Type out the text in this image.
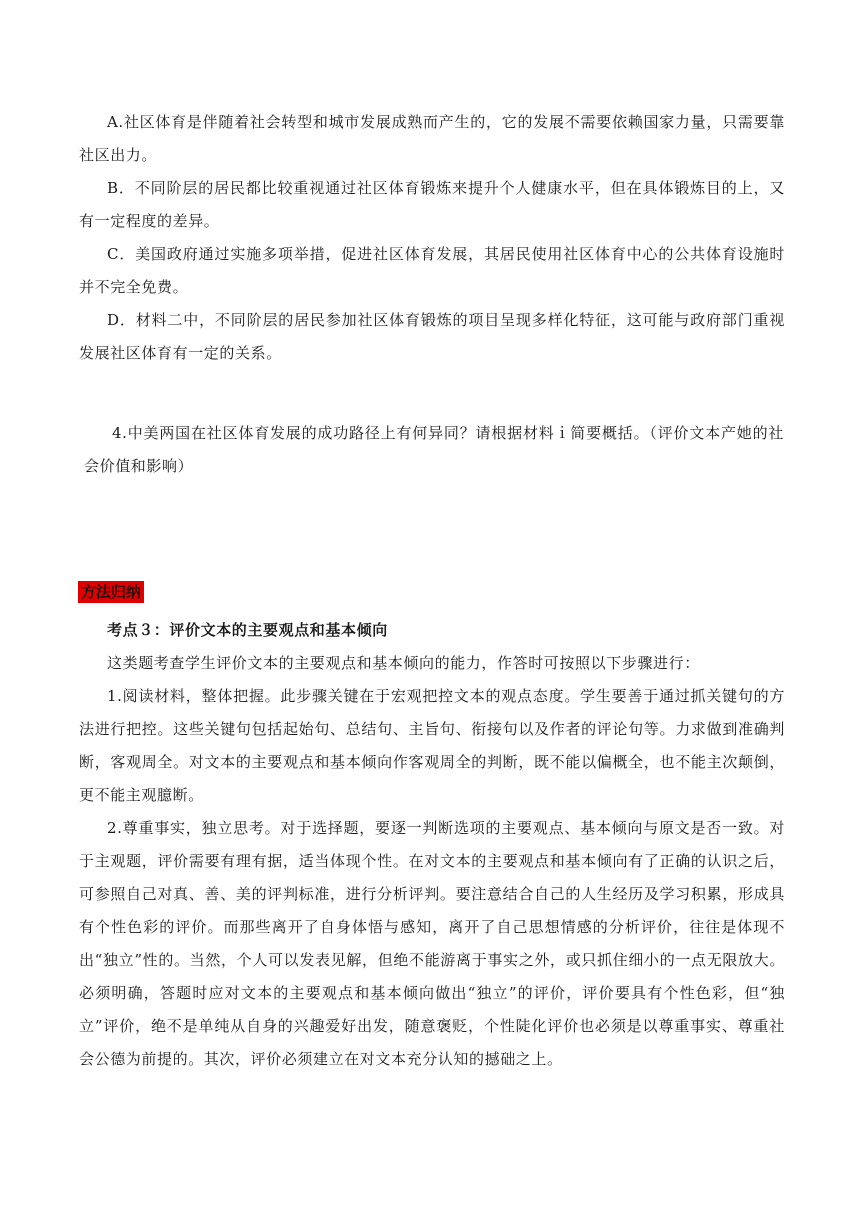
A.社区体育是伴随着社会转型和城市发展成熟而产生的，它的发展不需要依赖国家力量，只需要靠社区出力。

B．不同阶层的居民都比较重视通过社区体育锻炼来提升个人健康水平，但在具体锻炼目的上，又有一定程度的差异。

C．美国政府通过实施多项举措，促进社区体育发展，其居民使用社区体育中心的公共体育设施时并不完全免费。

D．材料二中，不同阶层的居民参加社区体育锻炼的项目呈现多样化特征，这可能与政府部门重视发展社区体育有一定的关系。

4.中美两国在社区体育发展的成功路径上有何异同？请根据材料ｉ简要概括。（评价文本产她的社会价值和影响）

方法归纳

考点３：评价文本的主要观点和基本倾向

这类题考查学生评价文本的主要观点和基本倾向的能力，作答时可按照以下步骤进行：

1.阅读材料，整体把握。此步骤关键在于宏观把控文本的观点态度。学生要善于通过抓关键句的方法进行把控。这些关键句包括起始句、总结句、主旨句、衔接句以及作者的评论句等。力求做到准确判断，客观周全。对文本的主要观点和基本倾向作客观周全的判断，既不能以偏概全，也不能主次颠倒，更不能主观臆断。

2.尊重事实，独立思考。对于选择题，要逐一判断选项的主要观点、基本倾向与原文是否一致。对于主观题，评价需要有理有据，适当体现个性。在对文本的主要观点和基本倾向有了正确的认识之后，可参照自己对真、善、美的评判标准，进行分析评判。要注意结合自己的人生经历及学习积累，形成具有个性色彩的评价。而那些离开了自身体悟与感知，离开了自己思想情感的分析评价，往往是体现不出“独立”性的。当然，个人可以发表见解，但绝不能游离于事实之外，或只抓住细小的一点无限放大。必须明确，答题时应对文本的主要观点和基本倾向做出“独立”的评价，评价要具有个性色彩，但“独立”评价，绝不是单纯从自身的兴趣爱好出发，随意褒贬，个性陡化评价也必须是以尊重事实、尊重社会公德为前提的。其次，评价必须建立在对文本充分认知的撼础之上。
